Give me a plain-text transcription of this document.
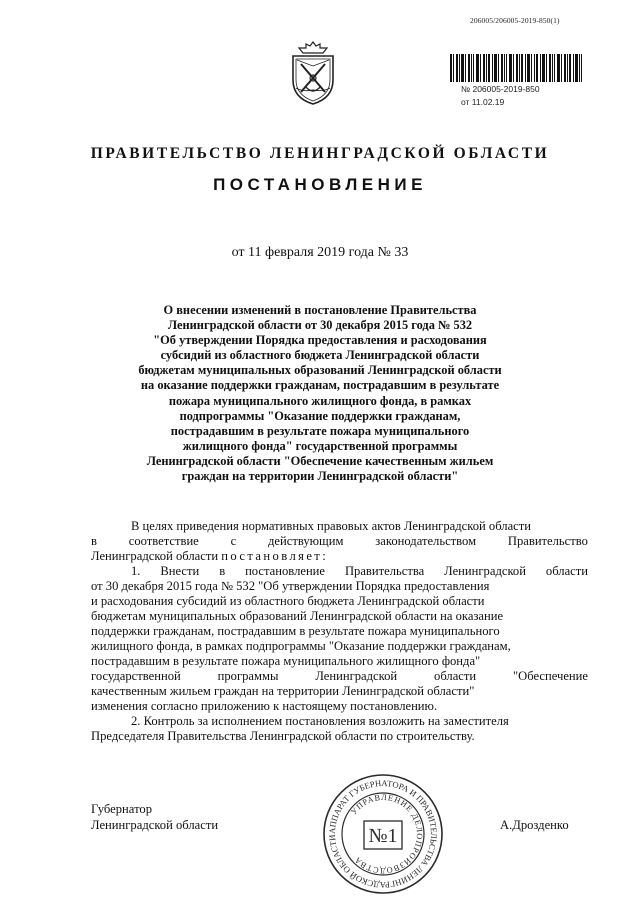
206005/206005-2019-850(1)
№ 206005-2019-850
от 11.02.19
ПРАВИТЕЛЬСТВО ЛЕНИНГРАДСКОЙ ОБЛАСТИ
ПОСТАНОВЛЕНИЕ
от 11 февраля 2019 года № 33
О внесении изменений в постановление Правительства
Ленинградской области от 30 декабря 2015 года № 532
"Об утверждении Порядка предоставления и расходования
субсидий из областного бюджета Ленинградской области
бюджетам муниципальных образований Ленинградской области
на оказание поддержки гражданам, пострадавшим в результате
пожара муниципального жилищного фонда, в рамках
подпрограммы "Оказание поддержки гражданам,
пострадавшим в результате пожара муниципального
жилищного фонда" государственной программы
Ленинградской области "Обеспечение качественным жильем
граждан на территории Ленинградской области"
В целях приведения нормативных правовых актов Ленинградской области
в	соответствие	с	действующим	законодательством	Правительство
Ленинградской области постановляет:
1. Внести в постановление Правительства Ленинградской области
от 30 декабря 2015 года № 532 "Об утверждении Порядка предоставления
и расходования субсидий из областного бюджета Ленинградской области
бюджетам муниципальных образований Ленинградской области на оказание
поддержки гражданам, пострадавшим в результате пожара муниципального
жилищного фонда, в рамках подпрограммы "Оказание поддержки гражданам,
пострадавшим в результате пожара муниципального жилищного фонда"
государственной	программы	Ленинградской	области	"Обеспечение
качественным жильем граждан на территории Ленинградской области"
изменения согласно приложению к настоящему постановлению.
2. Контроль за исполнением постановления возложить на заместителя
Председателя Правительства Ленинградской области по строительству.
Губернатор
Ленинградской области	А.Дрозденко
АППАРАТ ГУБЕРНАТОРА И ПРАВИТЕЛЬСТВА ЛЕНИНГРАДСКОЙ ОБЛАСТИ
УПРАВЛЕНИЕ ДЕЛОПРОИЗВОДСТВА
№1
